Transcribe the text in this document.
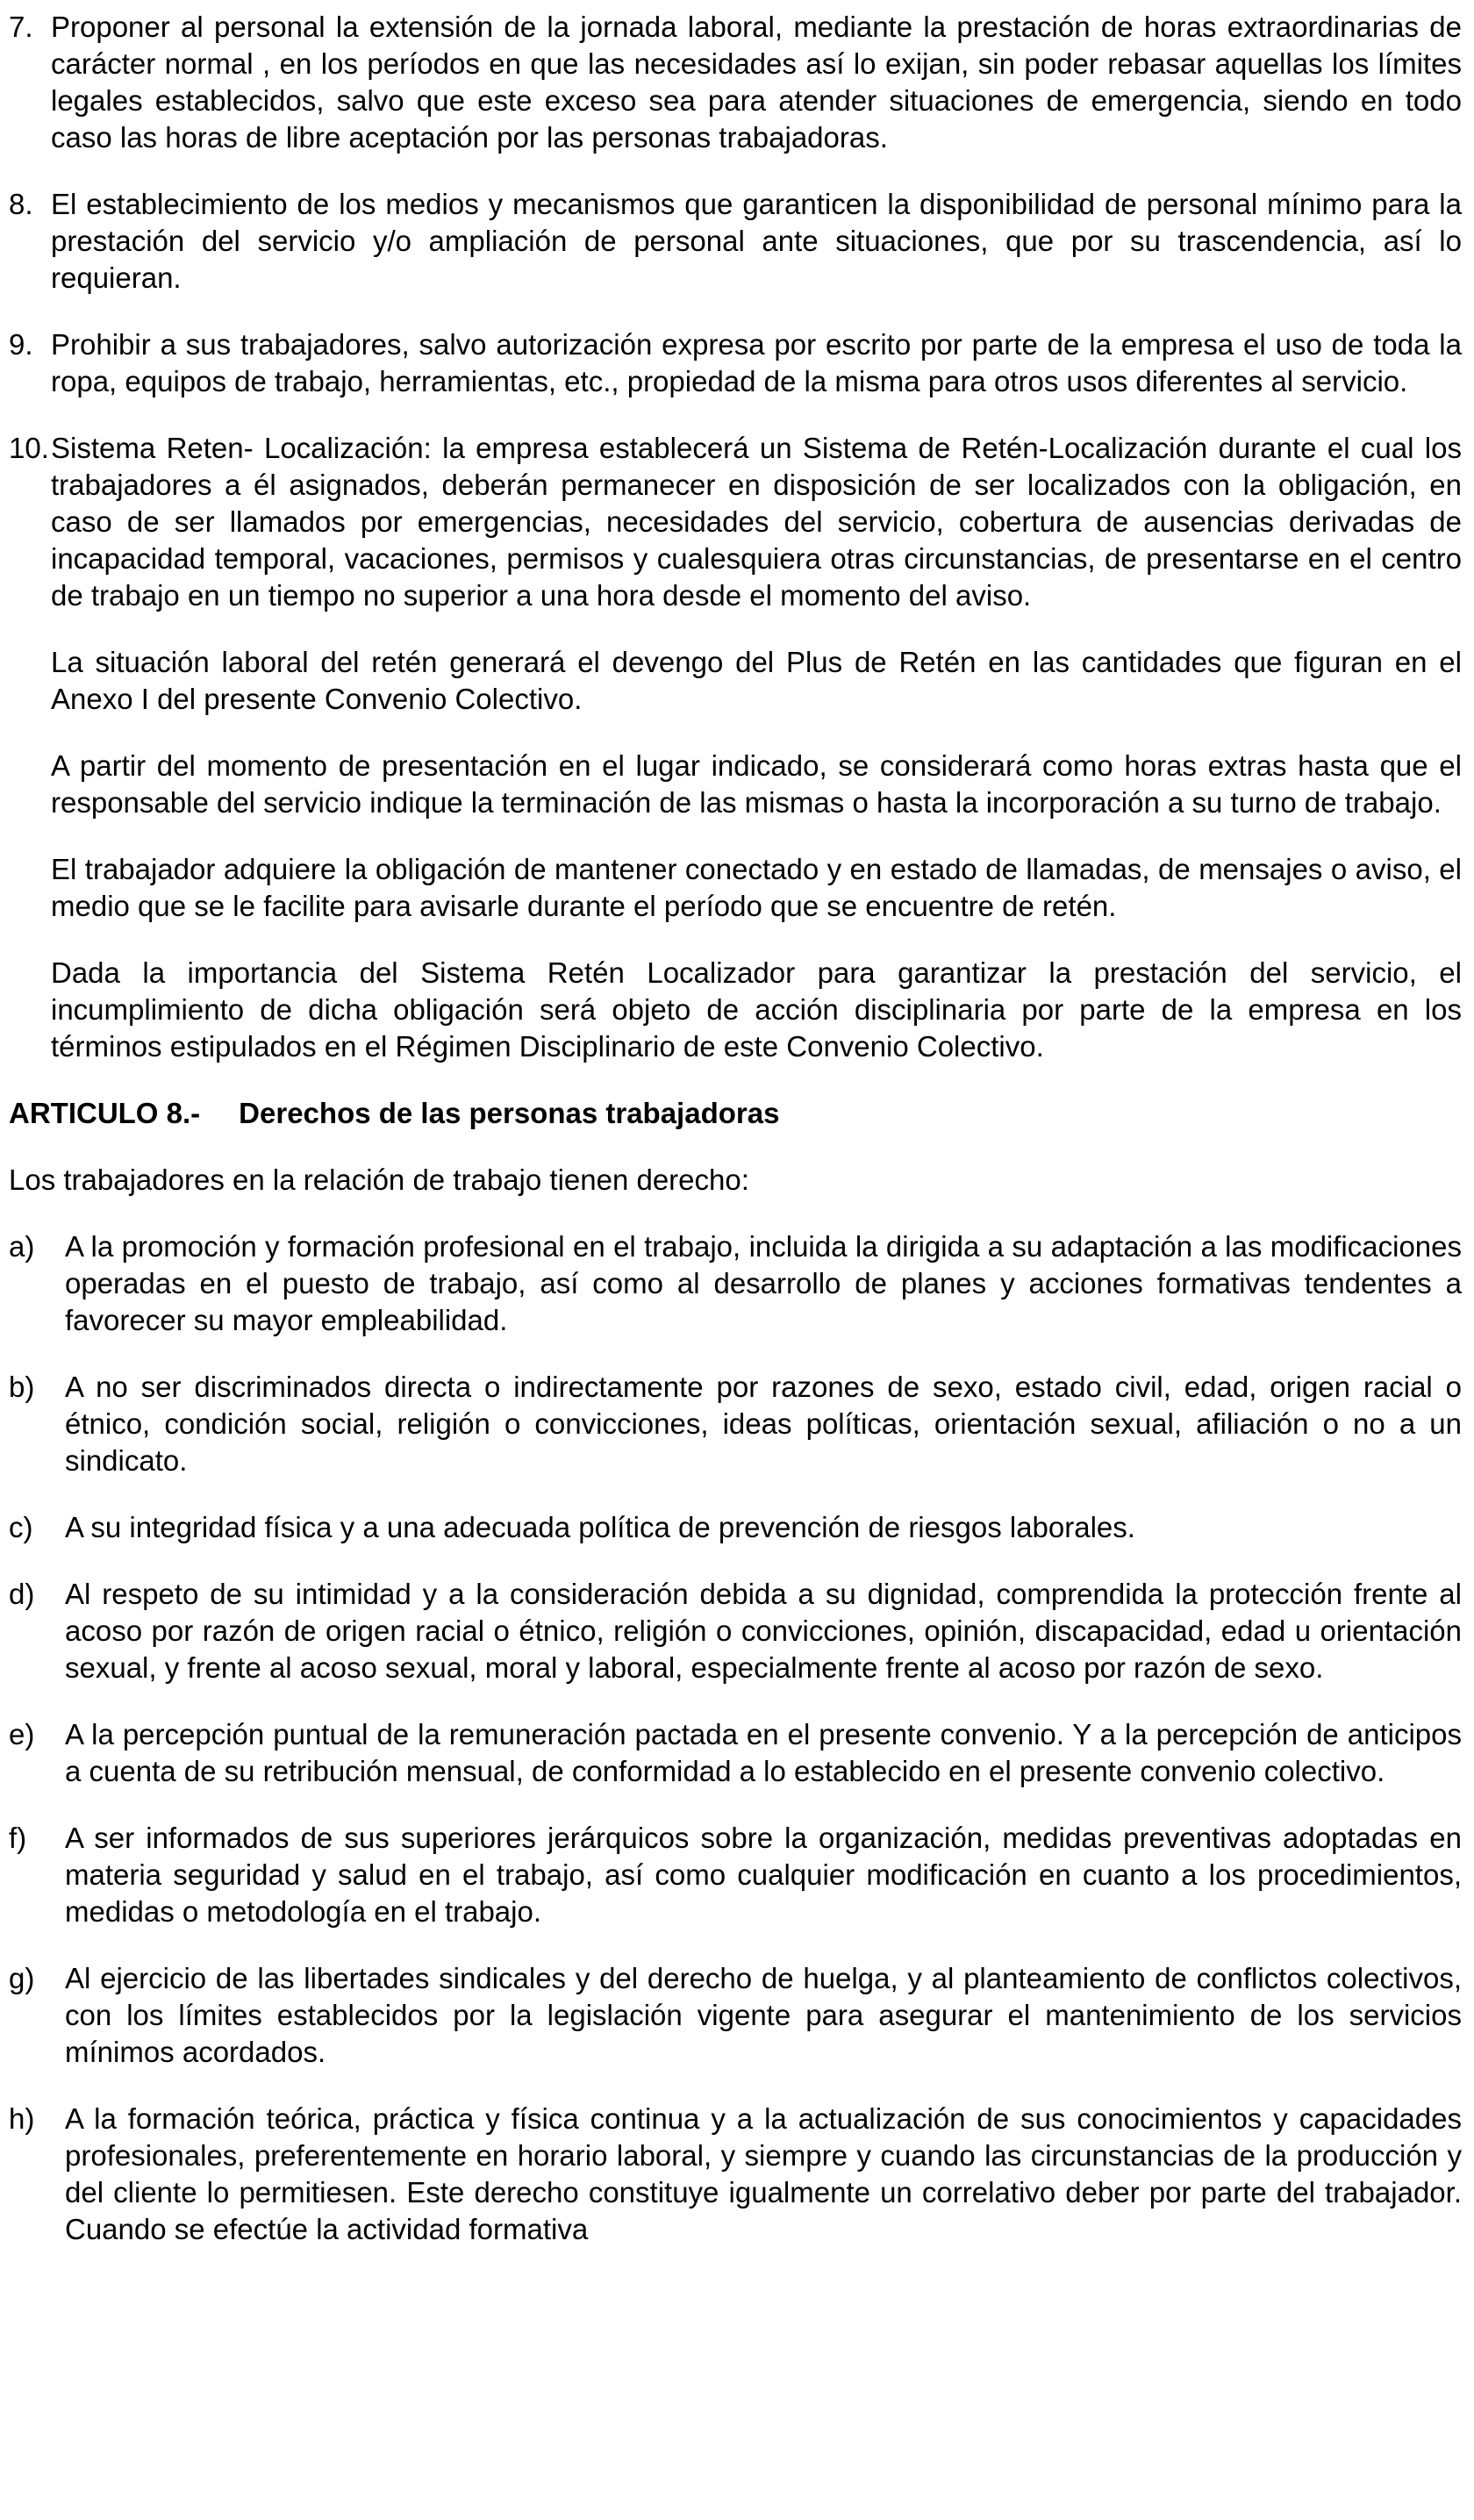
7. Proponer al personal la extensión de la jornada laboral, mediante la prestación de horas extraordinarias de carácter normal , en los períodos en que las necesidades así lo exijan, sin poder rebasar aquellas los límites legales establecidos, salvo que este exceso sea para atender situaciones de emergencia, siendo en todo caso las horas de libre aceptación por las personas trabajadoras.

8. El establecimiento de los medios y mecanismos que garanticen la disponibilidad de personal mínimo para la prestación del servicio y/o ampliación de personal ante situaciones, que por su trascendencia, así lo requieran.

9. Prohibir a sus trabajadores, salvo autorización expresa por escrito por parte de la empresa el uso de toda la ropa, equipos de trabajo, herramientas, etc., propiedad de la misma para otros usos diferentes al servicio.

10. Sistema Reten- Localización: la empresa establecerá un Sistema de Retén-Localización durante el cual los trabajadores a él asignados, deberán permanecer en disposición de ser localizados con la obligación, en caso de ser llamados por emergencias, necesidades del servicio, cobertura de ausencias derivadas de incapacidad temporal, vacaciones, permisos y cualesquiera otras circunstancias, de presentarse en el centro de trabajo en un tiempo no superior a una hora desde el momento del aviso.

La situación laboral del retén generará el devengo del Plus de Retén en las cantidades que figuran en el Anexo I del presente Convenio Colectivo.

A partir del momento de presentación en el lugar indicado, se considerará como horas extras hasta que el responsable del servicio indique la terminación de las mismas o hasta la incorporación a su turno de trabajo.

El trabajador adquiere la obligación de mantener conectado y en estado de llamadas, de mensajes o aviso, el medio que se le facilite para avisarle durante el período que se encuentre de retén.

Dada la importancia del Sistema Retén Localizador para garantizar la prestación del servicio, el incumplimiento de dicha obligación será objeto de acción disciplinaria por parte de la empresa en los términos estipulados en el Régimen Disciplinario de este Convenio Colectivo.

ARTICULO 8.- Derechos de las personas trabajadoras

Los trabajadores en la relación de trabajo tienen derecho:

a)	A la promoción y formación profesional en el trabajo, incluida la dirigida a su adaptación a las modificaciones operadas en el puesto de trabajo, así como al desarrollo de planes y acciones formativas tendentes a favorecer su mayor empleabilidad.

b)	A no ser discriminados directa o indirectamente por razones de sexo, estado civil, edad, origen racial o étnico, condición social, religión o convicciones, ideas políticas, orientación sexual, afiliación o no a un sindicato.

c)	A su integridad física y a una adecuada política de prevención de riesgos laborales.

d)	Al respeto de su intimidad y a la consideración debida a su dignidad, comprendida la protección frente al acoso por razón de origen racial o étnico, religión o convicciones, opinión, discapacidad, edad u orientación sexual, y frente al acoso sexual, moral y laboral, especialmente frente al acoso por razón de sexo.

e)	A la percepción puntual de la remuneración pactada en el presente convenio. Y a la percepción de anticipos a cuenta de su retribución mensual, de conformidad a lo establecido en el presente convenio colectivo.

f)	A ser informados de sus superiores jerárquicos sobre la organización, medidas preventivas adoptadas en materia seguridad y salud en el trabajo, así como cualquier modificación en cuanto a los procedimientos, medidas o metodología en el trabajo.

g)	Al ejercicio de las libertades sindicales y del derecho de huelga, y al planteamiento de conflictos colectivos, con los límites establecidos por la legislación vigente para asegurar el mantenimiento de los servicios mínimos acordados.

h)	A la formación teórica, práctica y física continua y a la actualización de sus conocimientos y capacidades profesionales, preferentemente en horario laboral, y siempre y cuando las circunstancias de la producción y del cliente lo permitiesen. Este derecho constituye igualmente un correlativo deber por parte del trabajador. Cuando se efectúe la actividad formativa
